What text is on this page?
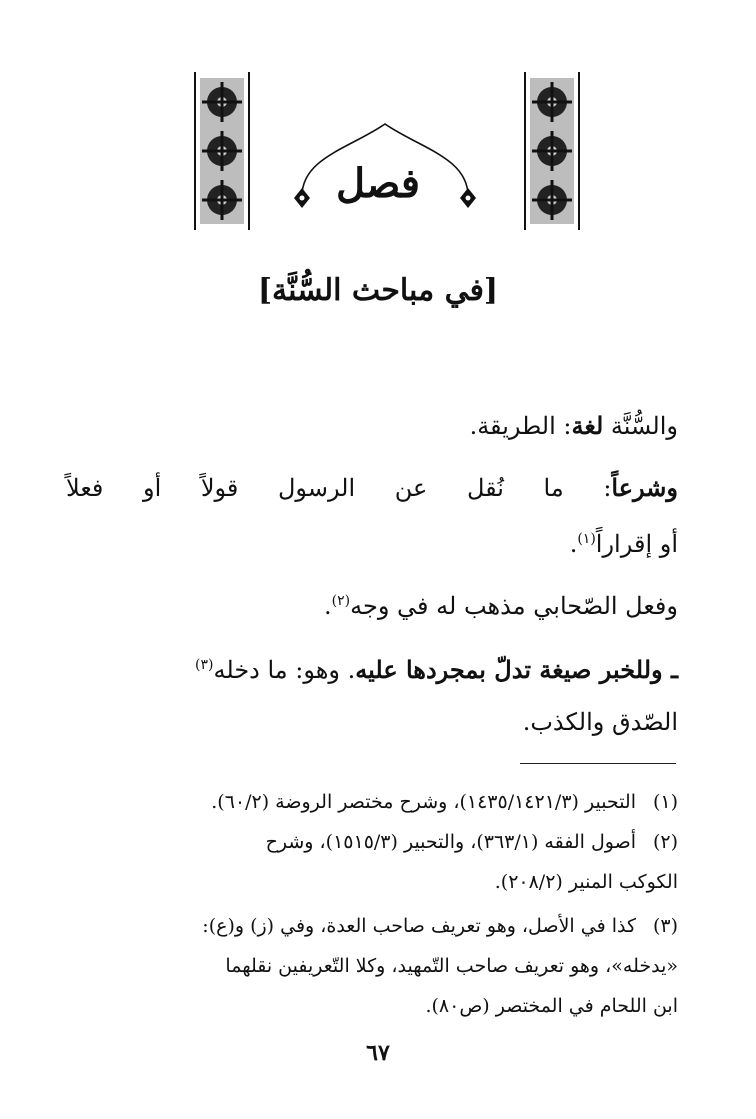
فصل
[في مباحث السُّنَّة]
والسُّنَّة لغة: الطريقة.
وشرعاً: ما نُقل عن الرسول قولاً أو فعلاً
أو إقراراً$^{(١)}$.
وفعل الصّحابي مذهب له في وجه$^{(٢)}$.
ـ وللخبر صيغة تدلّ بمجردها عليه. وهو: ما دخله$^{(٣)}$
الصّدق والكذب.
(١)التحبير (١٤٣٥/١٤٢١/٣)، وشرح مختصر الروضة (٦٠/٢).
(٢)أصول الفقه (٣٦٣/١)، والتحبير (١٥١٥/٣)، وشرح
الكوكب المنير (٢٠٨/٢).
(٣)كذا في الأصل، وهو تعريف صاحب العدة، وفي (ز) و(ع):
«يدخله»، وهو تعريف صاحب التّمهيد، وكلا التّعريفين نقلهما
ابن اللحام في المختصر (ص٨٠).
٦٧
